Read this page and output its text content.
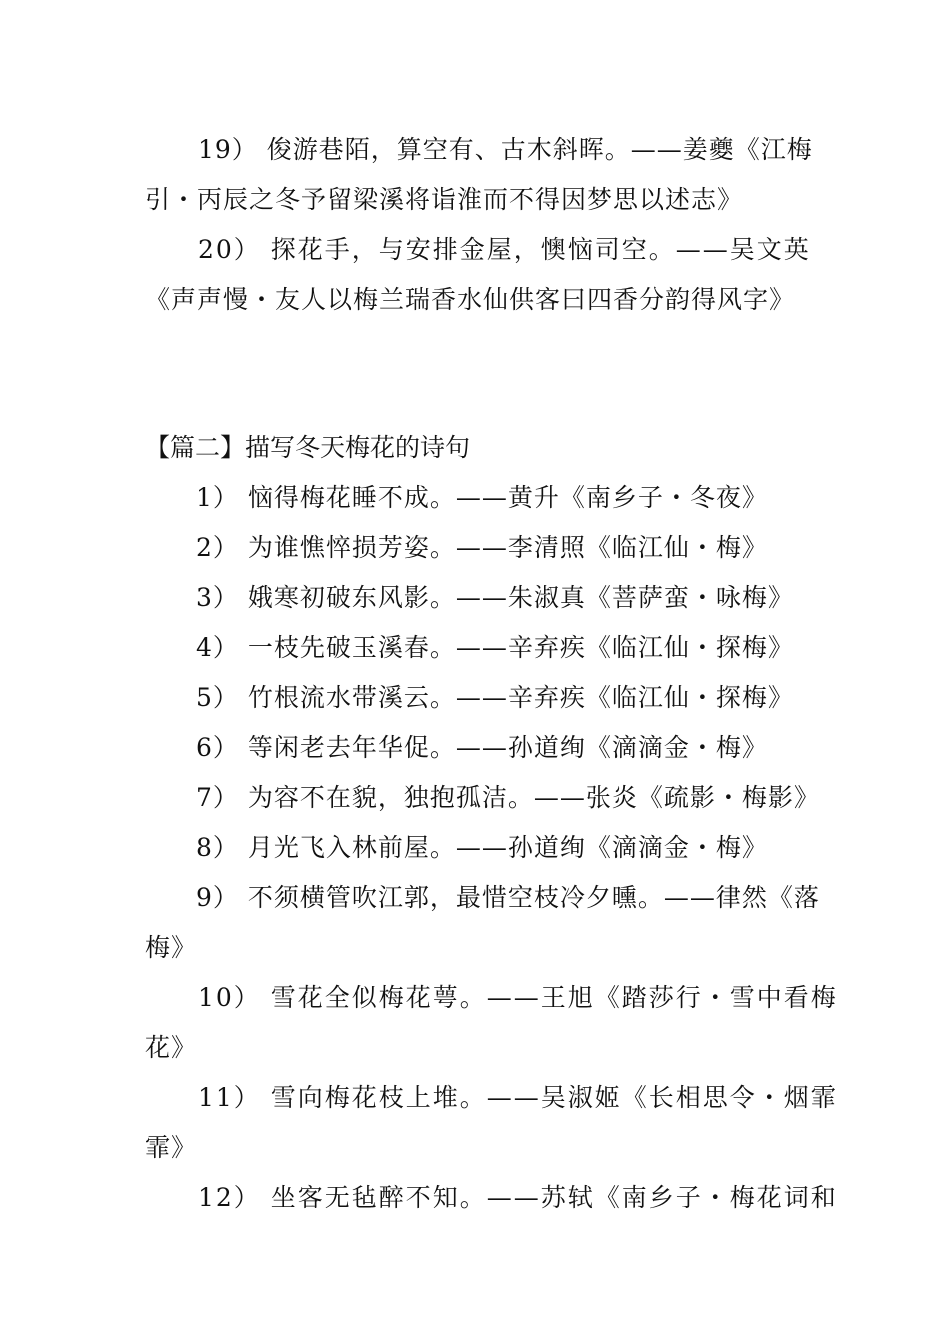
19） 俊游巷陌，算空有、古木斜晖。——姜夔《江梅
引・丙辰之冬予留梁溪将诣淮而不得因梦思以述志》
20） 探花手，与安排金屋，懊恼司空。——吴文英
《声声慢・友人以梅兰瑞香水仙供客曰四香分韵得风字》
【篇二】描写冬天梅花的诗句
1） 恼得梅花睡不成。——黄升《南乡子・冬夜》
2） 为谁憔悴损芳姿。——李清照《临江仙・梅》
3） 娥寒初破东风影。——朱淑真《菩萨蛮・咏梅》
4） 一枝先破玉溪春。——辛弃疾《临江仙・探梅》
5） 竹根流水带溪云。——辛弃疾《临江仙・探梅》
6） 等闲老去年华促。——孙道绚《滴滴金・梅》
7） 为容不在貌，独抱孤洁。——张炎《疏影・梅影》
8） 月光飞入林前屋。——孙道绚《滴滴金・梅》
9） 不须横管吹江郭，最惜空枝冷夕曛。——律然《落
梅》
10） 雪花全似梅花萼。——王旭《踏莎行・雪中看梅
花》
11） 雪向梅花枝上堆。——吴淑姬《长相思令・烟霏
霏》
12） 坐客无毡醉不知。——苏轼《南乡子・梅花词和
